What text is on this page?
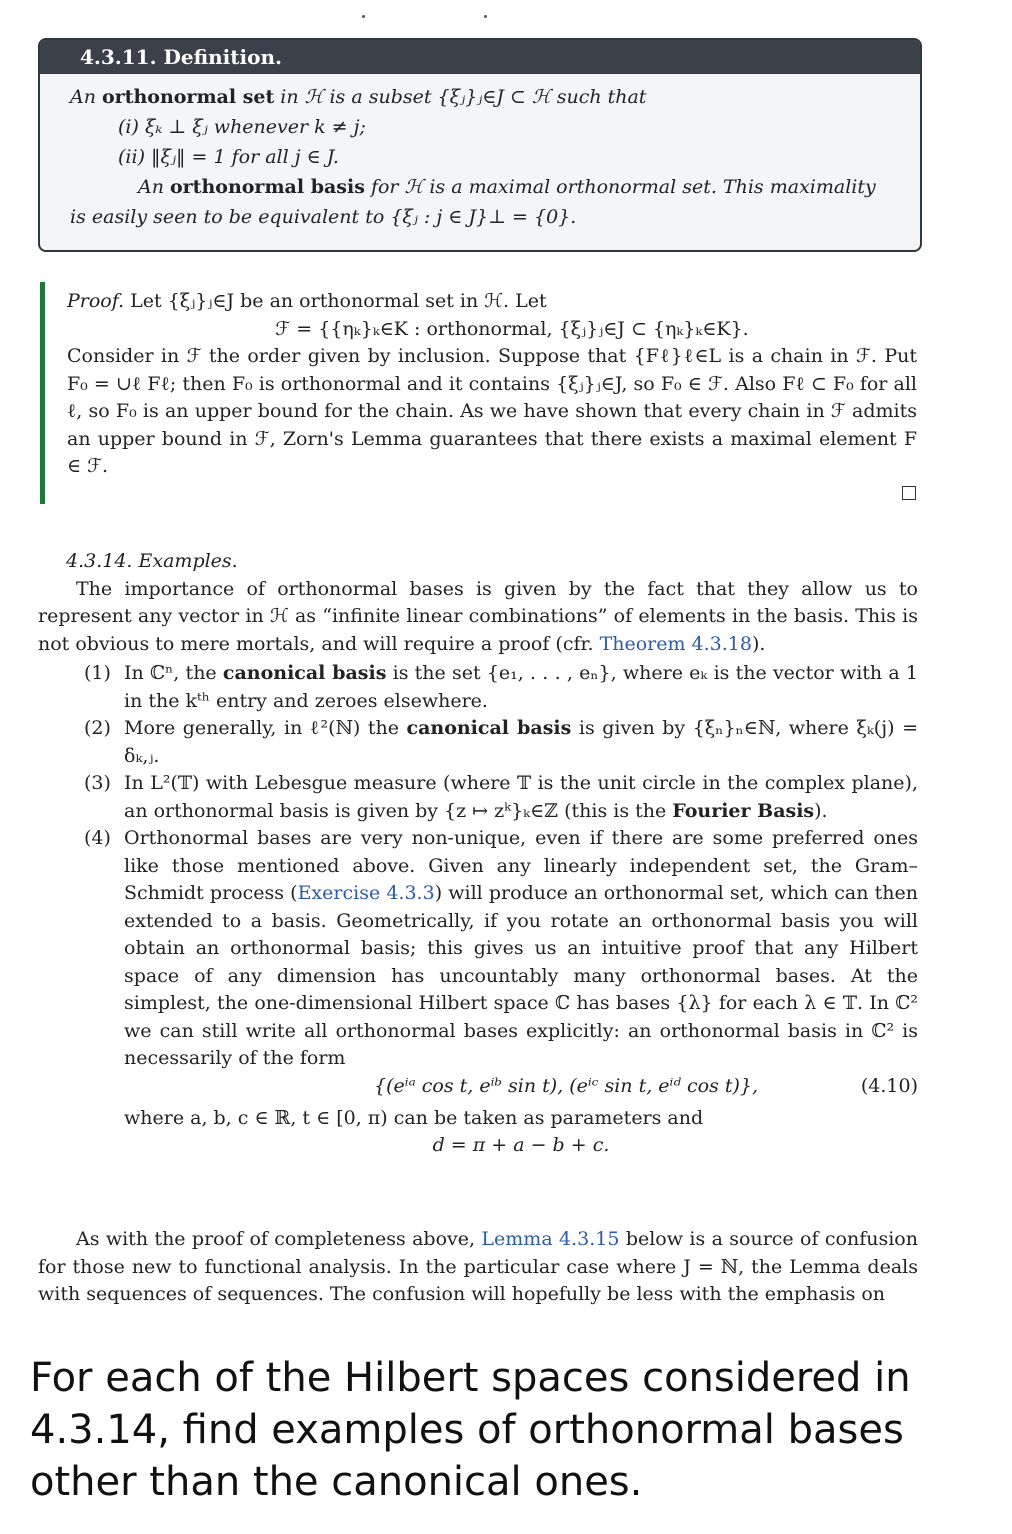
4.3.11. Definition.
An orthonormal set in ℋ is a subset {ξⱼ}ⱼ∈J ⊂ ℋ such that
(i) ξₖ ⊥ ξⱼ whenever k ≠ j;
(ii) ‖ξⱼ‖ = 1 for all j ∈ J.
An orthonormal basis for ℋ is a maximal orthonormal set. This maximality
is easily seen to be equivalent to {ξⱼ : j ∈ J}⊥ = {0}.
Proof. Let {ξⱼ}ⱼ∈J be an orthonormal set in ℋ. Let
ℱ = {{ηₖ}ₖ∈K : orthonormal, {ξⱼ}ⱼ∈J ⊂ {ηₖ}ₖ∈K}.
Consider in ℱ the order given by inclusion. Suppose that {Fℓ}ℓ∈L is a chain in ℱ. Put F₀ = ∪ℓ Fℓ; then F₀ is orthonormal and it contains {ξⱼ}ⱼ∈J, so F₀ ∈ ℱ. Also Fℓ ⊂ F₀ for all ℓ, so F₀ is an upper bound for the chain. As we have shown that every chain in ℱ admits an upper bound in ℱ, Zorn's Lemma guarantees that there exists a maximal element F ∈ ℱ.
4.3.14. Examples.
The importance of orthonormal bases is given by the fact that they allow us to represent any vector in ℋ as “infinite linear combinations” of elements in the basis. This is not obvious to mere mortals, and will require a proof (cfr. Theorem 4.3.18).
(1) In ℂⁿ, the canonical basis is the set {e₁, . . . , eₙ}, where eₖ is the vector with a 1 in the kᵗʰ entry and zeroes elsewhere.
(2) More generally, in ℓ²(ℕ) the canonical basis is given by {ξₙ}ₙ∈ℕ, where ξₖ(j) = δₖ,ⱼ.
(3) In L²(𝕋) with Lebesgue measure (where 𝕋 is the unit circle in the complex plane), an orthonormal basis is given by {z ↦ zᵏ}ₖ∈ℤ (this is the Fourier Basis).
(4) Orthonormal bases are very non-unique, even if there are some preferred ones like those mentioned above. Given any linearly independent set, the Gram–Schmidt process (Exercise 4.3.3) will produce an orthonormal set, which can then extended to a basis. Geometrically, if you rotate an orthonormal basis you will obtain an orthonormal basis; this gives us an intuitive proof that any Hilbert space of any dimension has uncountably many orthonormal bases. At the simplest, the one-dimensional Hilbert space ℂ has bases {λ} for each λ ∈ 𝕋. In ℂ² we can still write all orthonormal bases explicitly: an orthonormal basis in ℂ² is necessarily of the form
{(eⁱᵃ cos t, eⁱᵇ sin t), (eⁱᶜ sin t, eⁱᵈ cos t)},	(4.10)
where a, b, c ∈ ℝ, t ∈ [0, π) can be taken as parameters and
d = π + a − b + c.
As with the proof of completeness above, Lemma 4.3.15 below is a source of confusion for those new to functional analysis. In the particular case where J = ℕ, the Lemma deals with sequences of sequences. The confusion will hopefully be less with the emphasis on
For each of the Hilbert spaces considered in 4.3.14, find examples of orthonormal bases other than the canonical ones.
